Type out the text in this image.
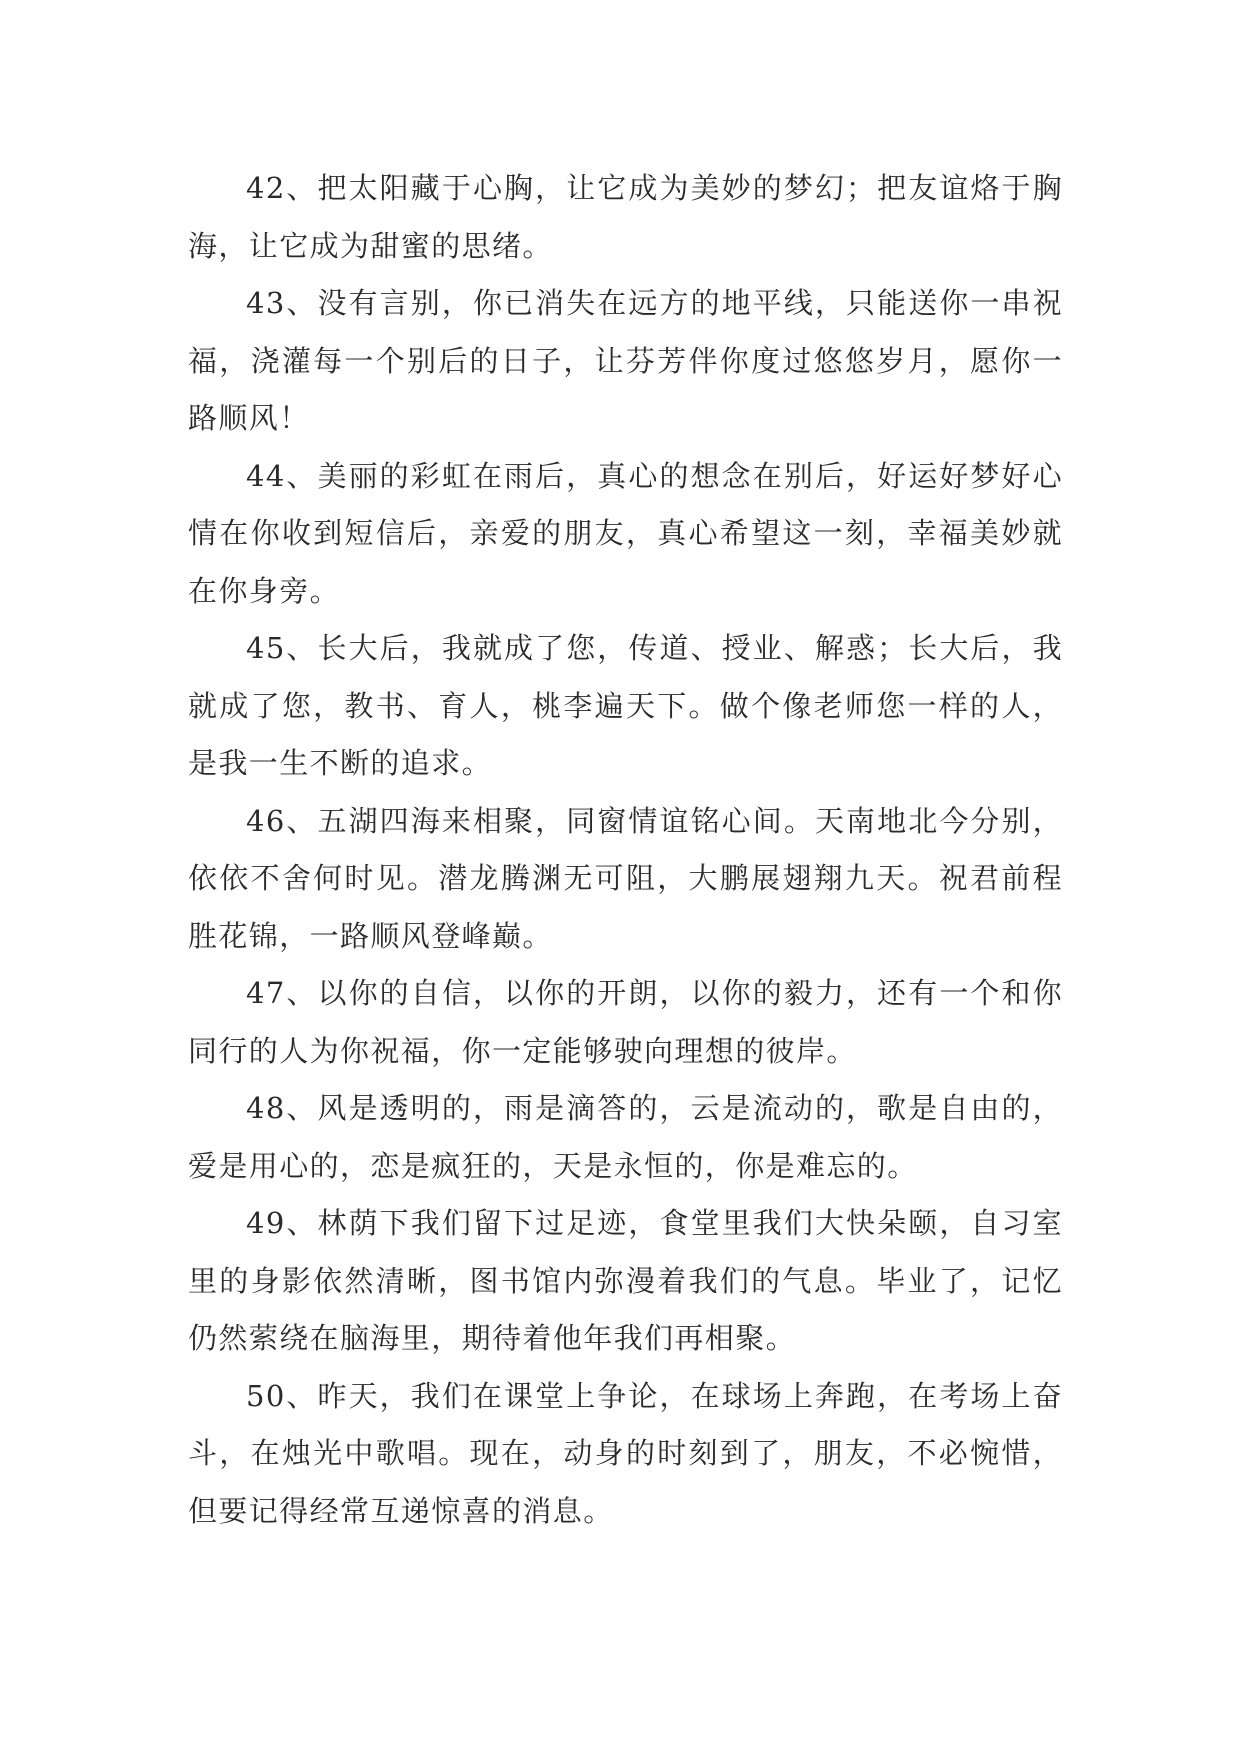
42、把太阳藏于心胸，让它成为美妙的梦幻；把友谊烙于胸海，让它成为甜蜜的思绪。

43、没有言别，你已消失在远方的地平线，只能送你一串祝福，浇灌每一个别后的日子，让芬芳伴你度过悠悠岁月，愿你一路顺风！

44、美丽的彩虹在雨后，真心的想念在别后，好运好梦好心情在你收到短信后，亲爱的朋友，真心希望这一刻，幸福美妙就在你身旁。

45、长大后，我就成了您，传道、授业、解惑；长大后，我就成了您，教书、育人，桃李遍天下。做个像老师您一样的人，是我一生不断的追求。

46、五湖四海来相聚，同窗情谊铭心间。天南地北今分别，依依不舍何时见。潜龙腾渊无可阻，大鹏展翅翔九天。祝君前程胜花锦，一路顺风登峰巅。

47、以你的自信，以你的开朗，以你的毅力，还有一个和你同行的人为你祝福，你一定能够驶向理想的彼岸。

48、风是透明的，雨是滴答的，云是流动的，歌是自由的，爱是用心的，恋是疯狂的，天是永恒的，你是难忘的。

49、林荫下我们留下过足迹，食堂里我们大快朵颐，自习室里的身影依然清晰，图书馆内弥漫着我们的气息。毕业了，记忆仍然萦绕在脑海里，期待着他年我们再相聚。

50、昨天，我们在课堂上争论，在球场上奔跑，在考场上奋斗，在烛光中歌唱。现在，动身的时刻到了，朋友，不必惋惜，但要记得经常互递惊喜的消息。
